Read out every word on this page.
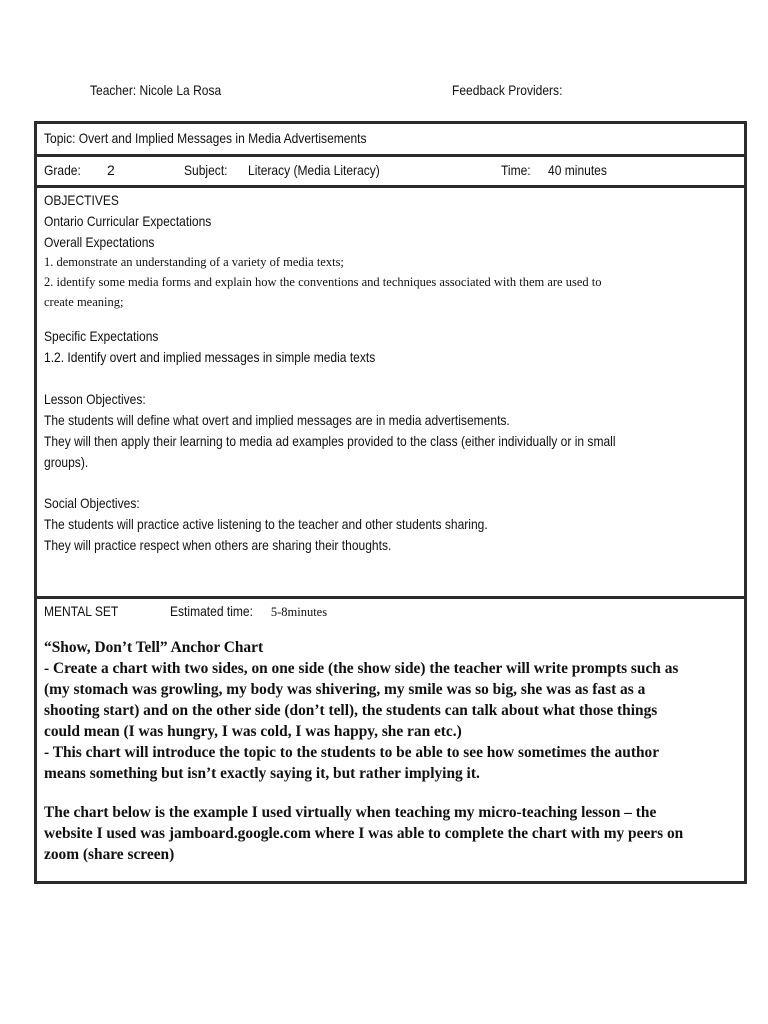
Teacher: Nicole La Rosa	Feedback Providers:
Topic: Overt and Implied Messages in Media Advertisements
Grade: 2	Subject: Literacy (Media Literacy)	Time: 40 minutes
OBJECTIVES
Ontario Curricular Expectations
Overall Expectations
1. demonstrate an understanding of a variety of media texts;
2. identify some media forms and explain how the conventions and techniques associated with them are used to
create meaning;
Specific Expectations
1.2. Identify overt and implied messages in simple media texts
Lesson Objectives:
The students will define what overt and implied messages are in media advertisements.
They will then apply their learning to media ad examples provided to the class (either individually or in small
groups).
Social Objectives:
The students will practice active listening to the teacher and other students sharing.
They will practice respect when others are sharing their thoughts.
MENTAL SET	Estimated time: 5-8minutes
“Show, Don’t Tell” Anchor Chart
- Create a chart with two sides, on one side (the show side) the teacher will write prompts such as
(my stomach was growling, my body was shivering, my smile was so big, she was as fast as a
shooting start) and on the other side (don’t tell), the students can talk about what those things
could mean (I was hungry, I was cold, I was happy, she ran etc.)
- This chart will introduce the topic to the students to be able to see how sometimes the author
means something but isn’t exactly saying it, but rather implying it.
The chart below is the example I used virtually when teaching my micro-teaching lesson – the
website I used was jamboard.google.com where I was able to complete the chart with my peers on
zoom (share screen)
